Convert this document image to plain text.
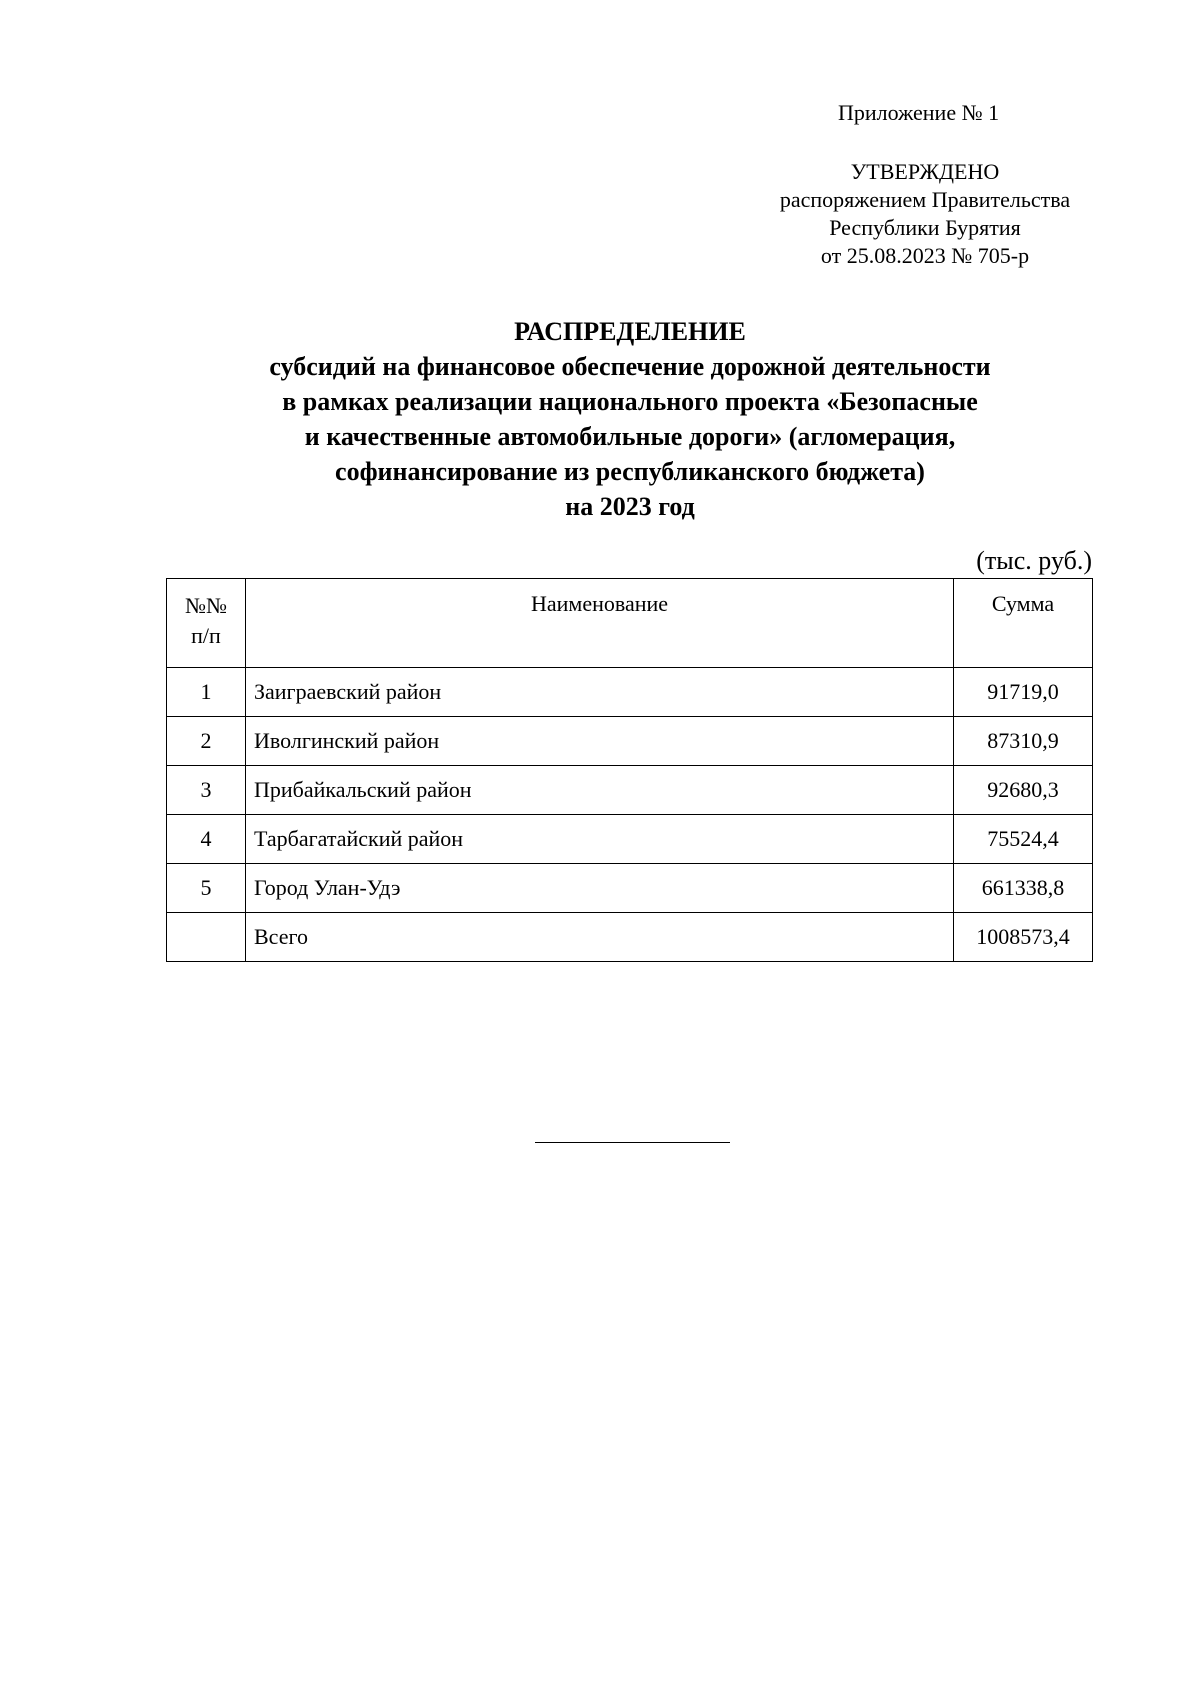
Приложение № 1
УТВЕРЖДЕНО
распоряжением Правительства
Республики Бурятия
от 25.08.2023 № 705-р
РАСПРЕДЕЛЕНИЕ
субсидий на финансовое обеспечение дорожной деятельности
в рамках реализации национального проекта «Безопасные
и качественные автомобильные дороги» (агломерация,
софинансирование из республиканского бюджета)
на 2023 год
(тыс. руб.)
№№
п/п	Наименование	Сумма
1	Заиграевский район	91719,0
2	Иволгинский район	87310,9
3	Прибайкальский район	92680,3
4	Тарбагатайский район	75524,4
5	Город Улан-Удэ	661338,8
	Всего	1008573,4
